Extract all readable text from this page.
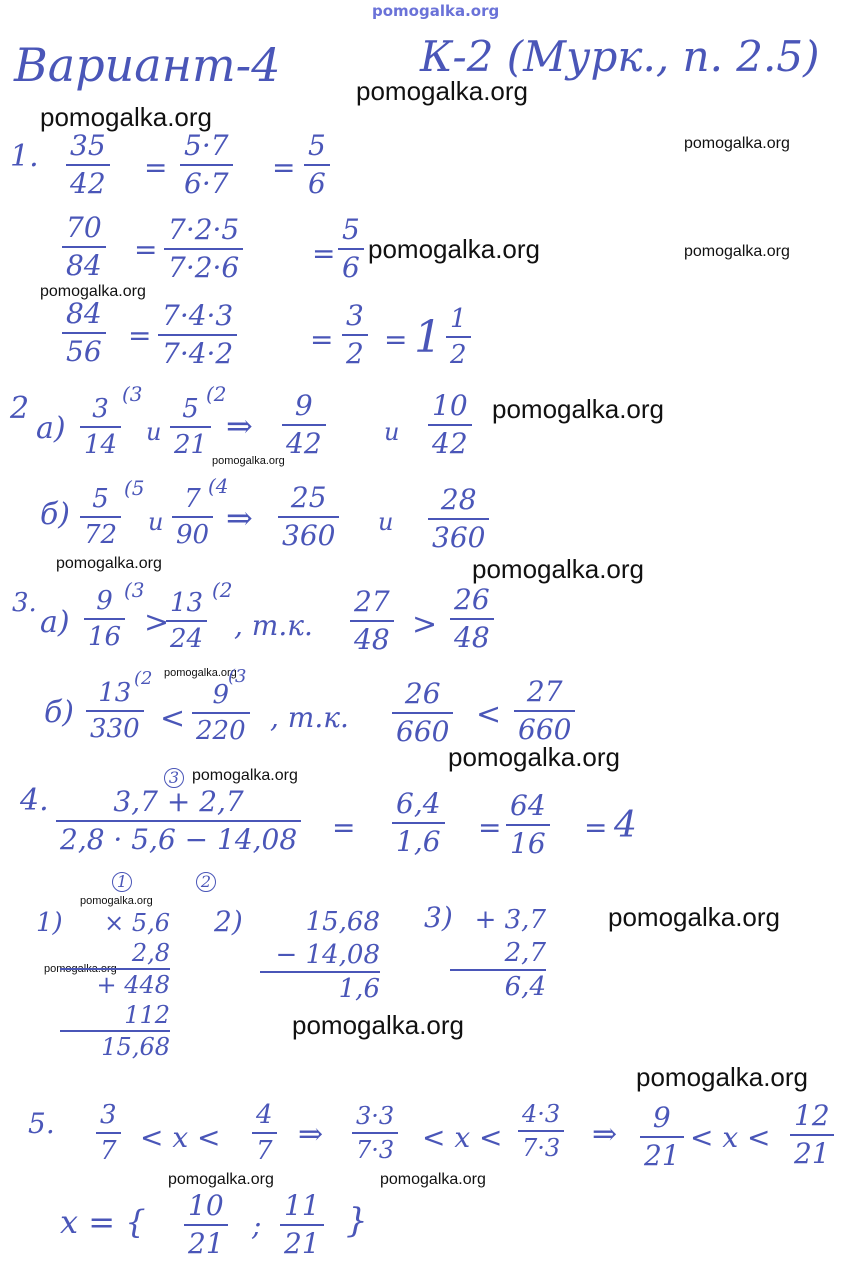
pomogalka.org
Вариант-4	К-2 (Мурк., п. 2.5)
pomogalka.org
pomogalka.org
pomogalka.org
pomogalka.org	pomogalka.org
pomogalka.org
pomogalka.org
pomogalka.org
pomogalka.org	pomogalka.org
pomogalka.org
pomogalka.org
pomogalka.org
pomogalka.org
pomogalka.org
pomogalka.org
pomogalka.org
pomogalka.org
pomogalka.org	pomogalka.org
1. 35
42 =
5·7
6·7 =
5
6
70
84 =
7·2·5
7·2·6	=
5
6
84
56 =
7·4·3
7·4·2	=
3
2 = 1 1
2
2
а)
3
14
(3
и
5
21
(2
⇒
9
42	и
10
42
б) 5
72
(5
и
7
90
(4
⇒
25
360 и
28
360
3.
а)
9
16
(3
>
13
24
(2
, т.к.
27
48 >
26
48
б)
13
330
(2
<
9
220
(3
, т.к.
26
660 <
27
660
4.
3
3,7 + 2,7
2,8 · 5,6 − 14,08
1	2
=
6,4
1,6 =
64
16 = 4
1)	× 5,6
2,8
+ 448
112
15,68
2)	15,68
− 14,08
1,6
3) + 3,7
2,7
6,4
5. 3
7 < x <
4
7 ⇒
3·3
7·3 < x <
4·3
7·3 ⇒ 9
21
< x <
12
21
x = { 10
21
;
11
21
}
